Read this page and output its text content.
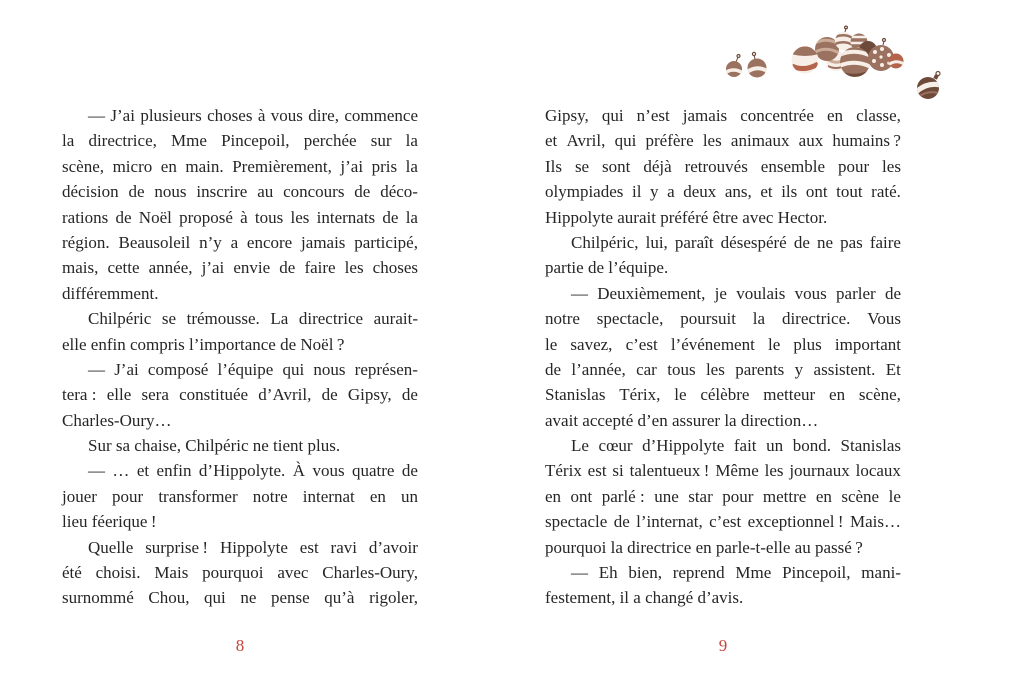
— J’ai plusieurs choses à vous dire, commence
la directrice, Mme Pincepoil, perchée sur la
scène, micro en main. Premièrement, j’ai pris la
décision de nous inscrire au concours de déco-
rations de Noël proposé à tous les internats de la
région. Beausoleil n’y a encore jamais participé,
mais, cette année, j’ai envie de faire les choses
différemment.
Chilpéric se trémousse. La directrice aurait-
elle enfin compris l’importance de Noël ?
— J’ai composé l’équipe qui nous représen-
tera : elle sera constituée d’Avril, de Gipsy, de
Charles-Oury…
Sur sa chaise, Chilpéric ne tient plus.
— … et enfin d’Hippolyte. À vous quatre de
jouer pour transformer notre internat en un
lieu féerique !
Quelle surprise ! Hippolyte est ravi d’avoir
été choisi. Mais pourquoi avec Charles-Oury,
surnommé Chou, qui ne pense qu’à rigoler,
Gipsy, qui n’est jamais concentrée en classe,
et Avril, qui préfère les animaux aux humains ?
Ils se sont déjà retrouvés ensemble pour les
olympiades il y a deux ans, et ils ont tout raté.
Hippolyte aurait préféré être avec Hector.
Chilpéric, lui, paraît désespéré de ne pas faire
partie de l’équipe.
— Deuxièmement, je voulais vous parler de
notre spectacle, poursuit la directrice. Vous
le savez, c’est l’événement le plus important
de l’année, car tous les parents y assistent. Et
Stanislas Térix, le célèbre metteur en scène,
avait accepté d’en assurer la direction…
Le cœur d’Hippolyte fait un bond. Stanislas
Térix est si talentueux ! Même les journaux locaux
en ont parlé : une star pour mettre en scène le
spectacle de l’internat, c’est exceptionnel ! Mais…
pourquoi la directrice en parle-t-elle au passé ?
— Eh bien, reprend Mme Pincepoil, mani-
festement, il a changé d’avis.
8	9
